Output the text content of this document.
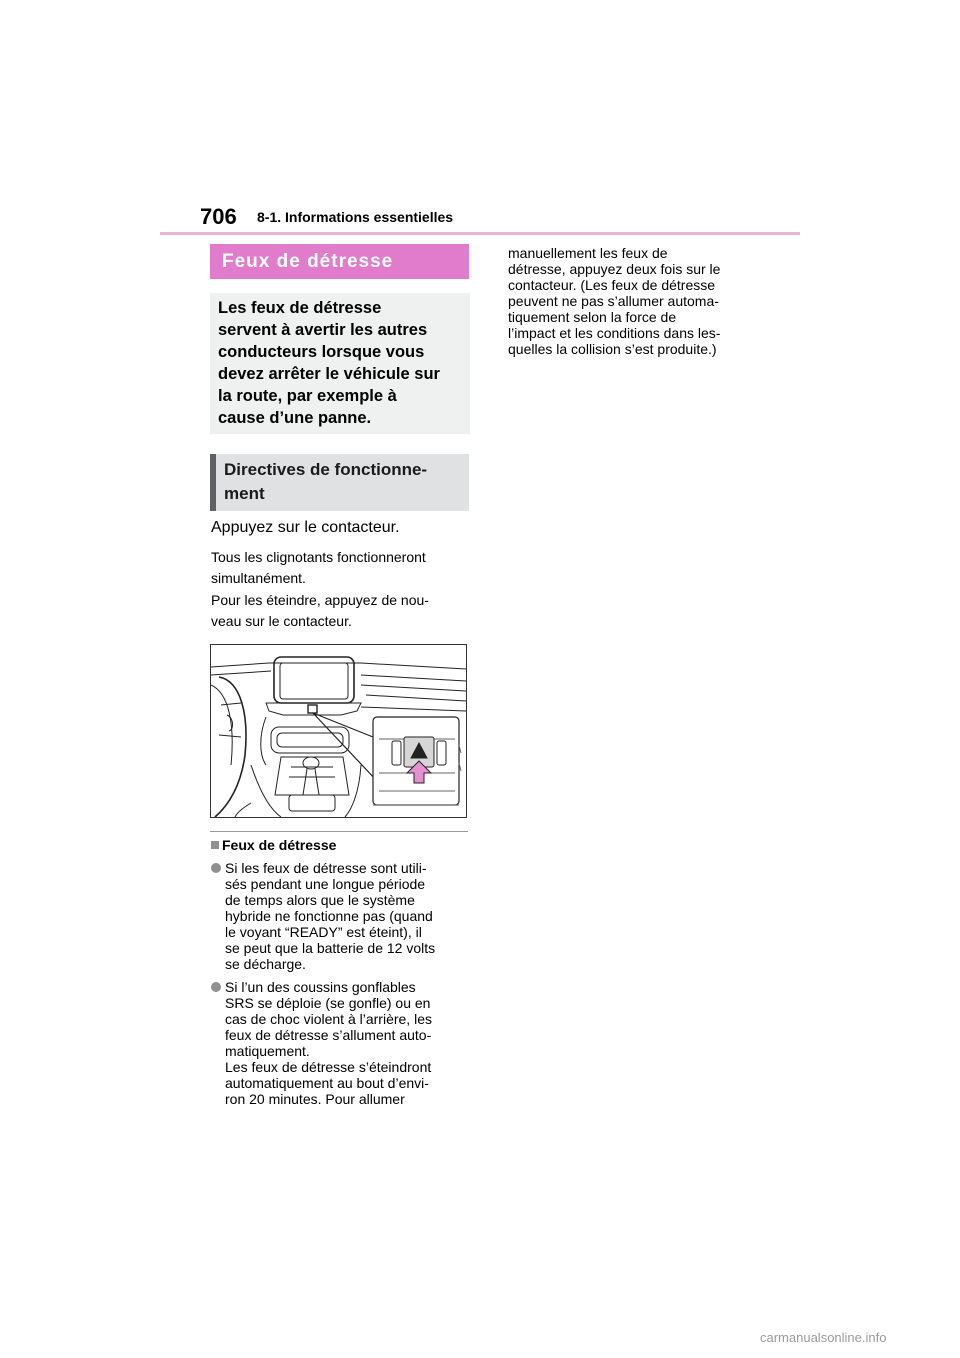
706 8-1. Informations essentielles
Feux de détresse
Les feux de détresse
servent à avertir les autres
conducteurs lorsque vous
devez arrêter le véhicule sur
la route, par exemple à
cause d’une panne.
Directives de fonctionne-
ment
Appuyez sur le contacteur.
Tous les clignotants fonctionneront
simultanément.
Pour les éteindre, appuyez de nou-
veau sur le contacteur.
Feux de détresse
Si les feux de détresse sont utili-
sés pendant une longue période
de temps alors que le système
hybride ne fonctionne pas (quand
le voyant “READY” est éteint), il
se peut que la batterie de 12 volts
se décharge.
Si l’un des coussins gonflables
SRS se déploie (se gonfle) ou en
cas de choc violent à l’arrière, les
feux de détresse s’allument auto-
matiquement.
Les feux de détresse s’éteindront
automatiquement au bout d’envi-
ron 20 minutes. Pour allumer
manuellement les feux de
détresse, appuyez deux fois sur le
contacteur. (Les feux de détresse
peuvent ne pas s’allumer automa-
tiquement selon la force de
l’impact et les conditions dans les-
quelles la collision s’est produite.)
carmanualsonline.info
